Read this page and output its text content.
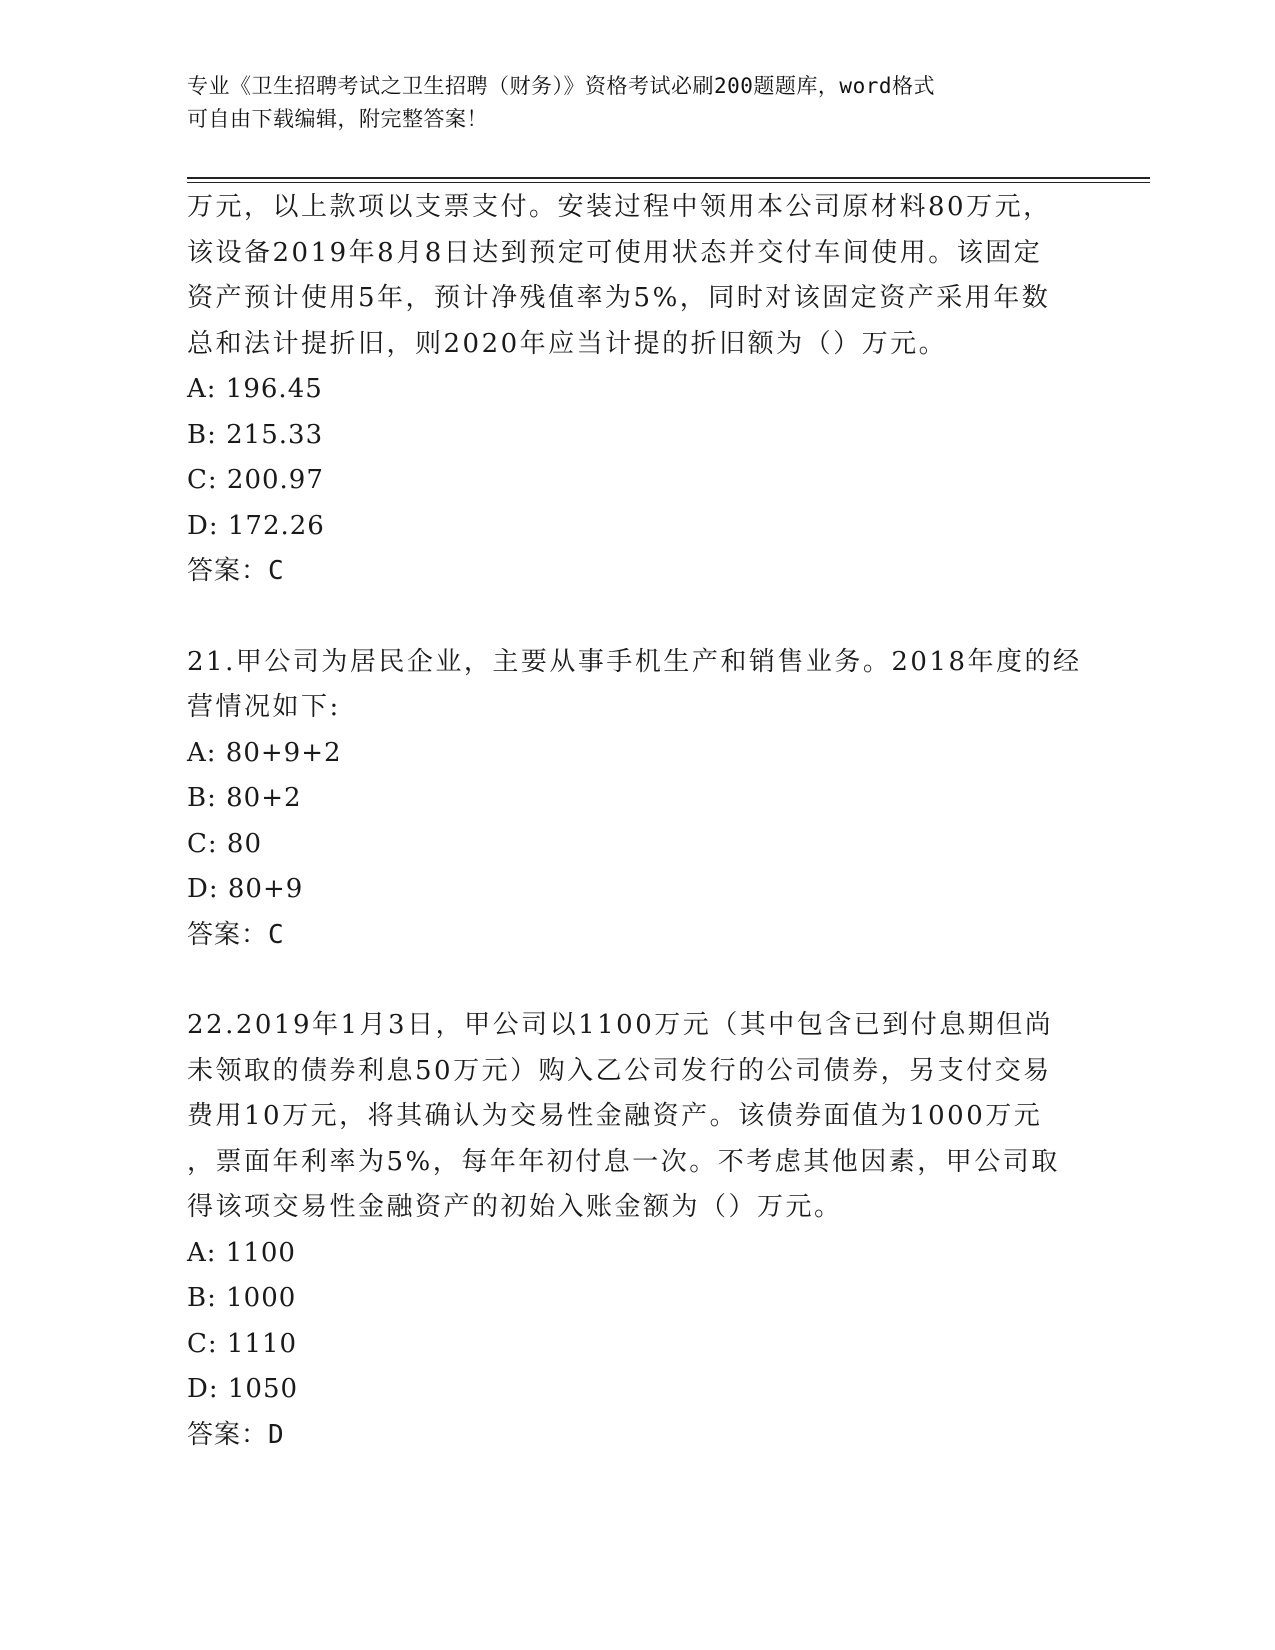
专业《卫生招聘考试之卫生招聘（财务）》资格考试必刷200题题库，word格式
可自由下载编辑，附完整答案！

万元，以上款项以支票支付。安装过程中领用本公司原材料80万元，

该设备2019年8月8日达到预定可使用状态并交付车间使用。该固定

资产预计使用5年，预计净残值率为5%，同时对该固定资产采用年数

总和法计提折旧，则2020年应当计提的折旧额为（）万元。

A: 196.45

B: 215.33

C: 200.97

D: 172.26

答案：C

21.甲公司为居民企业，主要从事手机生产和销售业务。2018年度的经

营情况如下:

A: 80+9+2

B: 80+2

C: 80

D: 80+9

答案：C

22.2019年1月3日，甲公司以1100万元（其中包含已到付息期但尚

未领取的债券利息50万元）购入乙公司发行的公司债券，另支付交易

费用10万元，将其确认为交易性金融资产。该债券面值为1000万元

，票面年利率为5%，每年年初付息一次。不考虑其他因素，甲公司取

得该项交易性金融资产的初始入账金额为（）万元。

A: 1100

B: 1000

C: 1110

D: 1050

答案：D
